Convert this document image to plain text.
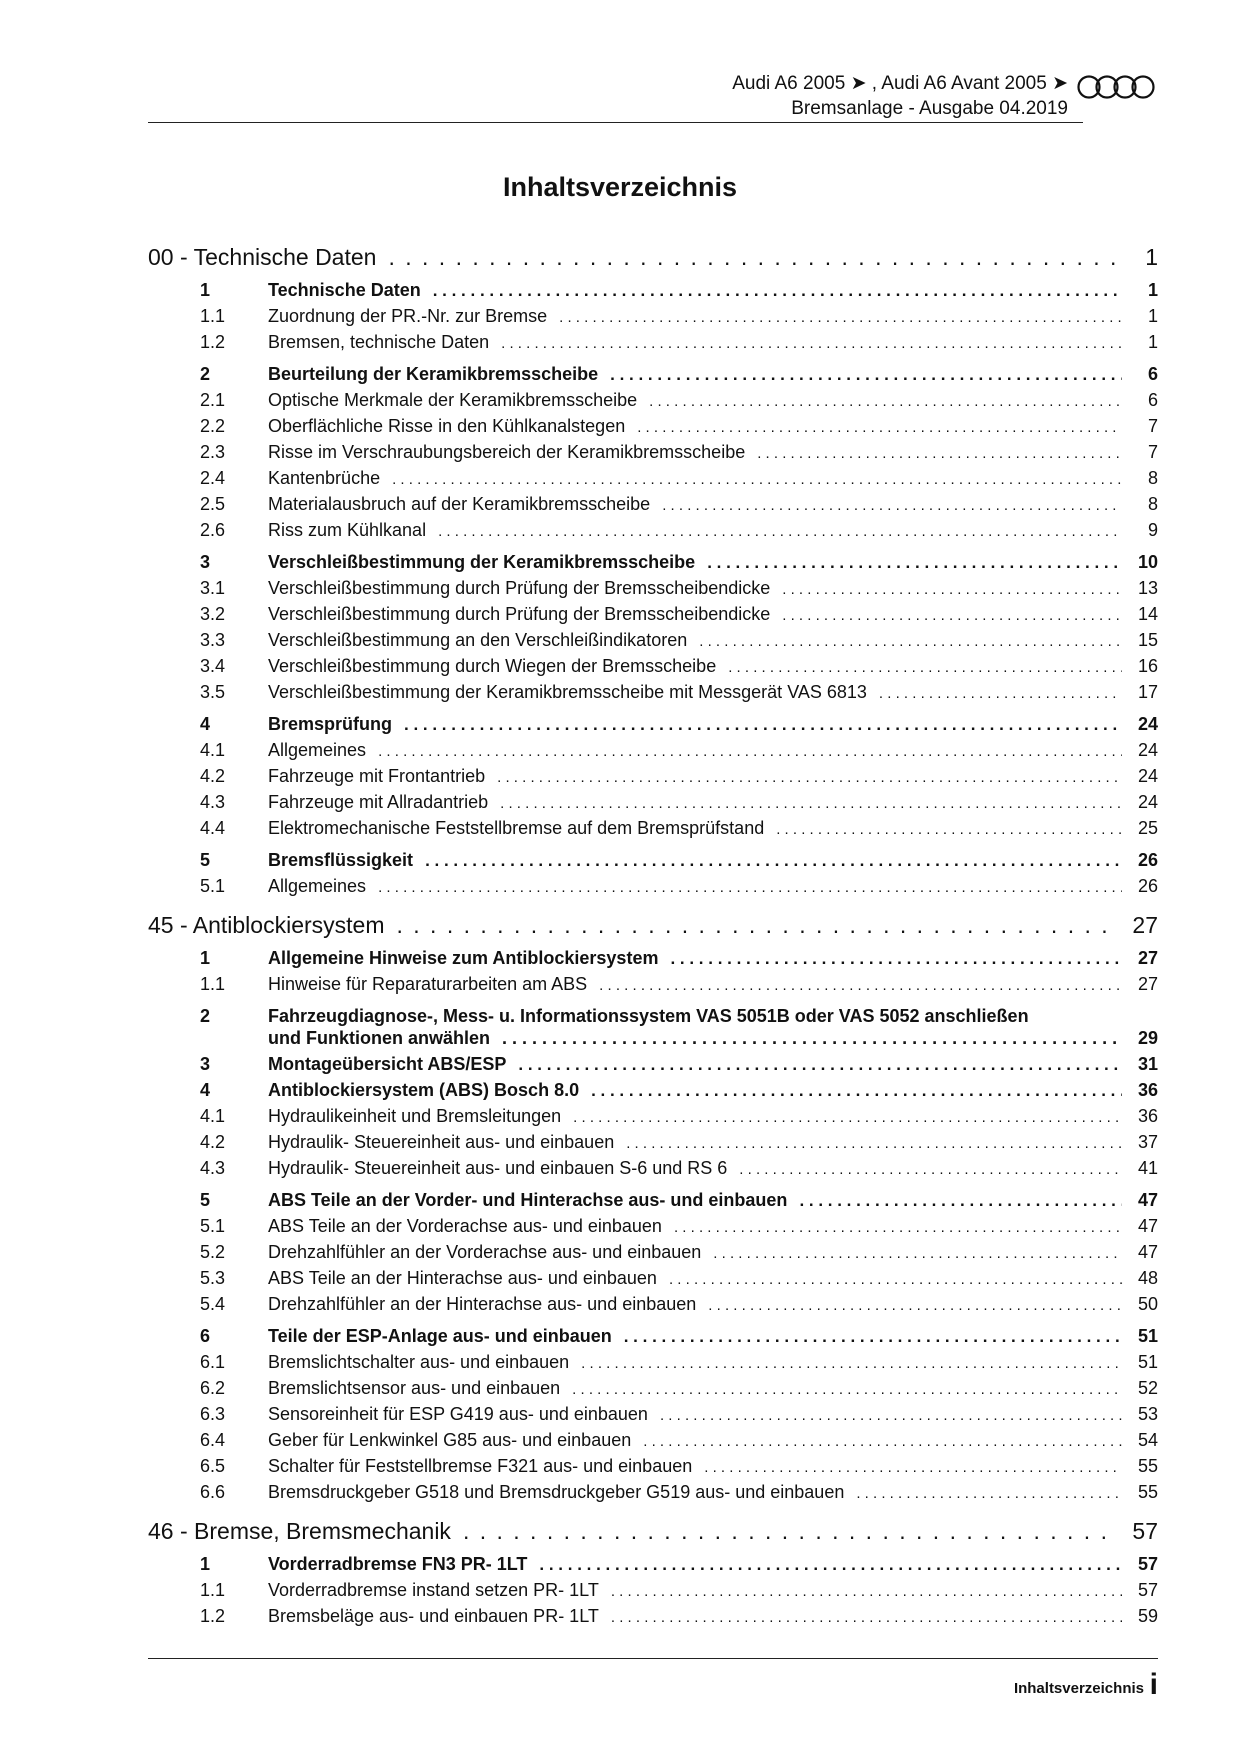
Audi A6 2005 ➤ , Audi A6 Avant 2005 ➤
Bremsanlage - Ausgabe 04.2019
Inhaltsverzeichnis
00 - Technische Daten . . .	1
1	Technische Daten . . .	1
1.1	Zuordnung der PR.-Nr. zur Bremse . . .	1
1.2	Bremsen, technische Daten . . .	1
2	Beurteilung der Keramikbremsscheibe . . .	6
2.1	Optische Merkmale der Keramikbremsscheibe . . .	6
2.2	Oberflächliche Risse in den Kühlkanalstegen . . .	7
2.3	Risse im Verschraubungsbereich der Keramikbremsscheibe . . .	7
2.4	Kantenbrüche . . .	8
2.5	Materialausbruch auf der Keramikbremsscheibe . . .	8
2.6	Riss zum Kühlkanal . . .	9
3	Verschleißbestimmung der Keramikbremsscheibe . . .	10
3.1	Verschleißbestimmung durch Prüfung der Bremsscheibendicke . . .	13
3.2	Verschleißbestimmung durch Prüfung der Bremsscheibendicke . . .	14
3.3	Verschleißbestimmung an den Verschleißindikatoren . . .	15
3.4	Verschleißbestimmung durch Wiegen der Bremsscheibe . . .	16
3.5	Verschleißbestimmung der Keramikbremsscheibe mit Messgerät VAS 6813 . . .	17
4	Bremsprüfung . . .	24
4.1	Allgemeines . . .	24
4.2	Fahrzeuge mit Frontantrieb . . .	24
4.3	Fahrzeuge mit Allradantrieb . . .	24
4.4	Elektromechanische Feststellbremse auf dem Bremsprüfstand . . .	25
5	Bremsflüssigkeit . . .	26
5.1	Allgemeines . . .	26
45 - Antiblockiersystem . . .	27
1	Allgemeine Hinweise zum Antiblockiersystem . . .	27
1.1	Hinweise für Reparaturarbeiten am ABS . . .	27
2	Fahrzeugdiagnose-, Mess- u. Informationssystem VAS 5051B oder VAS 5052 anschließen
und Funktionen anwählen . . .	29
3	Montageübersicht ABS/ESP . . .	31
4	Antiblockiersystem (ABS) Bosch 8.0 . . .	36
4.1	Hydraulikeinheit und Bremsleitungen . . .	36
4.2	Hydraulik- Steuereinheit aus- und einbauen . . .	37
4.3	Hydraulik- Steuereinheit aus- und einbauen S-6 und RS 6 . . .	41
5	ABS Teile an der Vorder- und Hinterachse aus- und einbauen . . .	47
5.1	ABS Teile an der Vorderachse aus- und einbauen . . .	47
5.2	Drehzahlfühler an der Vorderachse aus- und einbauen . . .	47
5.3	ABS Teile an der Hinterachse aus- und einbauen . . .	48
5.4	Drehzahlfühler an der Hinterachse aus- und einbauen . . .	50
6	Teile der ESP-Anlage aus- und einbauen . . .	51
6.1	Bremslichtschalter aus- und einbauen . . .	51
6.2	Bremslichtsensor aus- und einbauen . . .	52
6.3	Sensoreinheit für ESP G419 aus- und einbauen . . .	53
6.4	Geber für Lenkwinkel G85 aus- und einbauen . . .	54
6.5	Schalter für Feststellbremse F321 aus- und einbauen . . .	55
6.6	Bremsdruckgeber G518 und Bremsdruckgeber G519 aus- und einbauen . . .	55
46 - Bremse, Bremsmechanik . . .	57
1	Vorderradbremse FN3 PR- 1LT . . .	57
1.1	Vorderradbremse instand setzen PR- 1LT . . .	57
1.2	Bremsbeläge aus- und einbauen PR- 1LT . . .	59
Inhaltsverzeichnis i
